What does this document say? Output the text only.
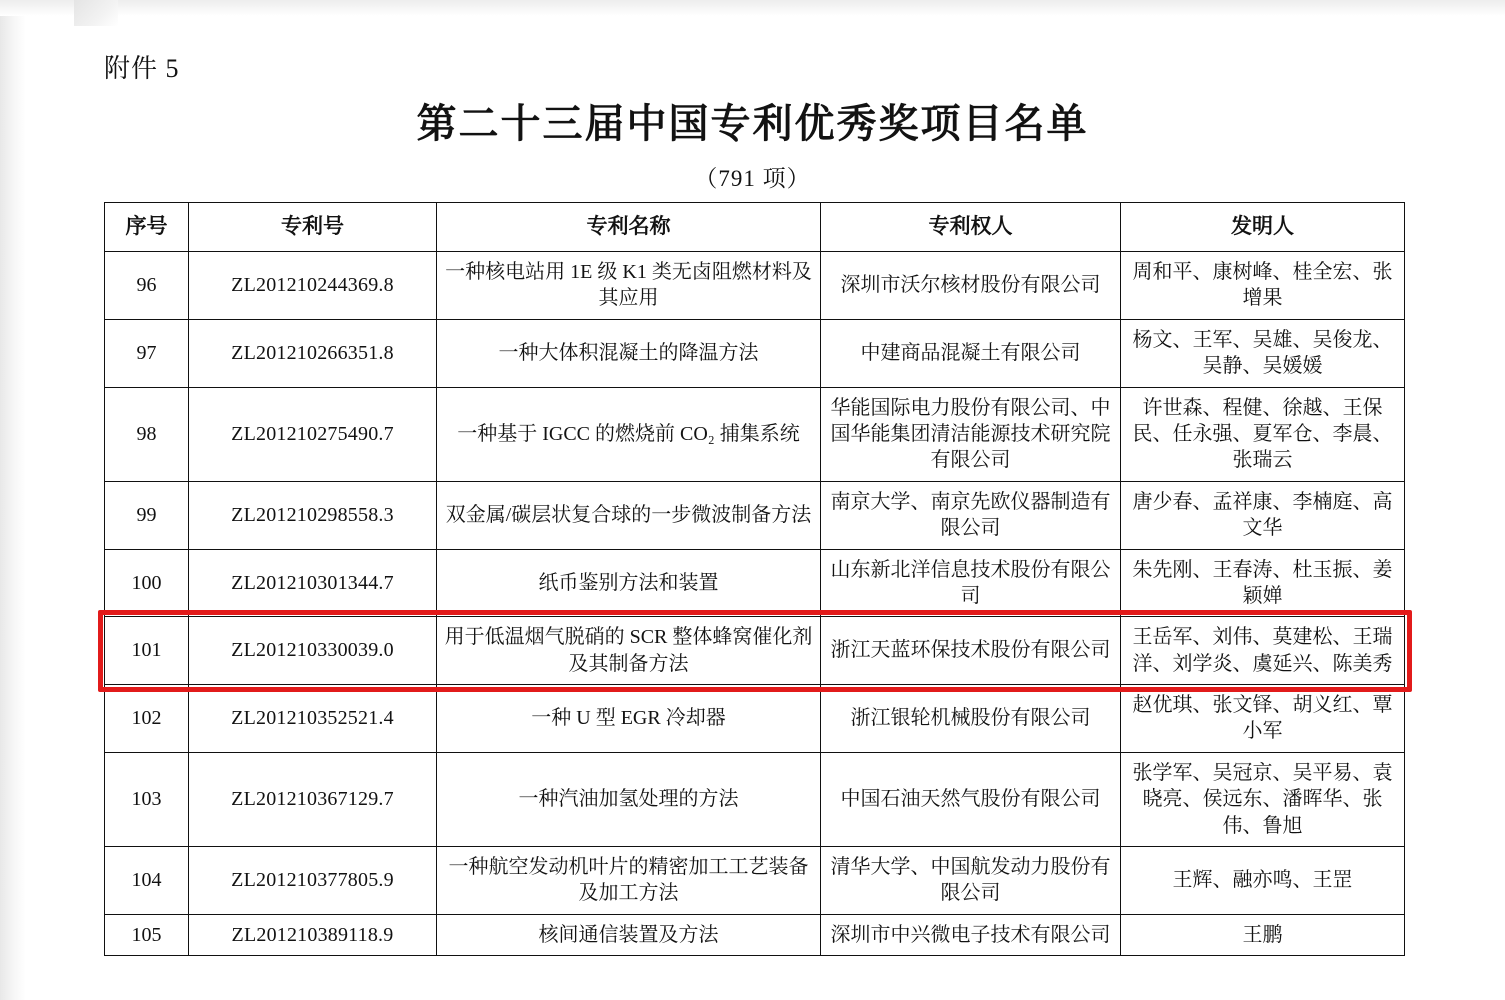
附件 5
第二十三届中国专利优秀奖项目名单
（791 项）
序号	专利号	专利名称	专利权人	发明人
96	ZL201210244369.8	一种核电站用 1E 级 K1 类无卤阻燃材料及其应用	深圳市沃尔核材股份有限公司	周和平、康树峰、桂全宏、张增果
97	ZL201210266351.8	一种大体积混凝土的降温方法	中建商品混凝土有限公司	杨文、王军、吴雄、吴俊龙、吴静、吴媛媛
98	ZL201210275490.7	一种基于 IGCC 的燃烧前 CO₂ 捕集系统	华能国际电力股份有限公司、中国华能集团清洁能源技术研究院有限公司	许世森、程健、徐越、王保民、任永强、夏军仓、李晨、张瑞云
99	ZL201210298558.3	双金属/碳层状复合球的一步微波制备方法	南京大学、南京先欧仪器制造有限公司	唐少春、孟祥康、李楠庭、高文华
100	ZL201210301344.7	纸币鉴别方法和装置	山东新北洋信息技术股份有限公司	朱先刚、王春涛、杜玉振、姜颖婵
101	ZL201210330039.0	用于低温烟气脱硝的 SCR 整体蜂窝催化剂及其制备方法	浙江天蓝环保技术股份有限公司	王岳军、刘伟、莫建松、王瑞洋、刘学炎、虞延兴、陈美秀
102	ZL201210352521.4	一种 U 型 EGR 冷却器	浙江银轮机械股份有限公司	赵优琪、张文铎、胡义红、覃小军
103	ZL201210367129.7	一种汽油加氢处理的方法	中国石油天然气股份有限公司	张学军、吴冠京、吴平易、袁晓亮、侯远东、潘晖华、张伟、鲁旭
104	ZL201210377805.9	一种航空发动机叶片的精密加工工艺装备及加工方法	清华大学、中国航发动力股份有限公司	王辉、融亦鸣、王罡
105	ZL201210389118.9	核间通信装置及方法	深圳市中兴微电子技术有限公司	王鹏
